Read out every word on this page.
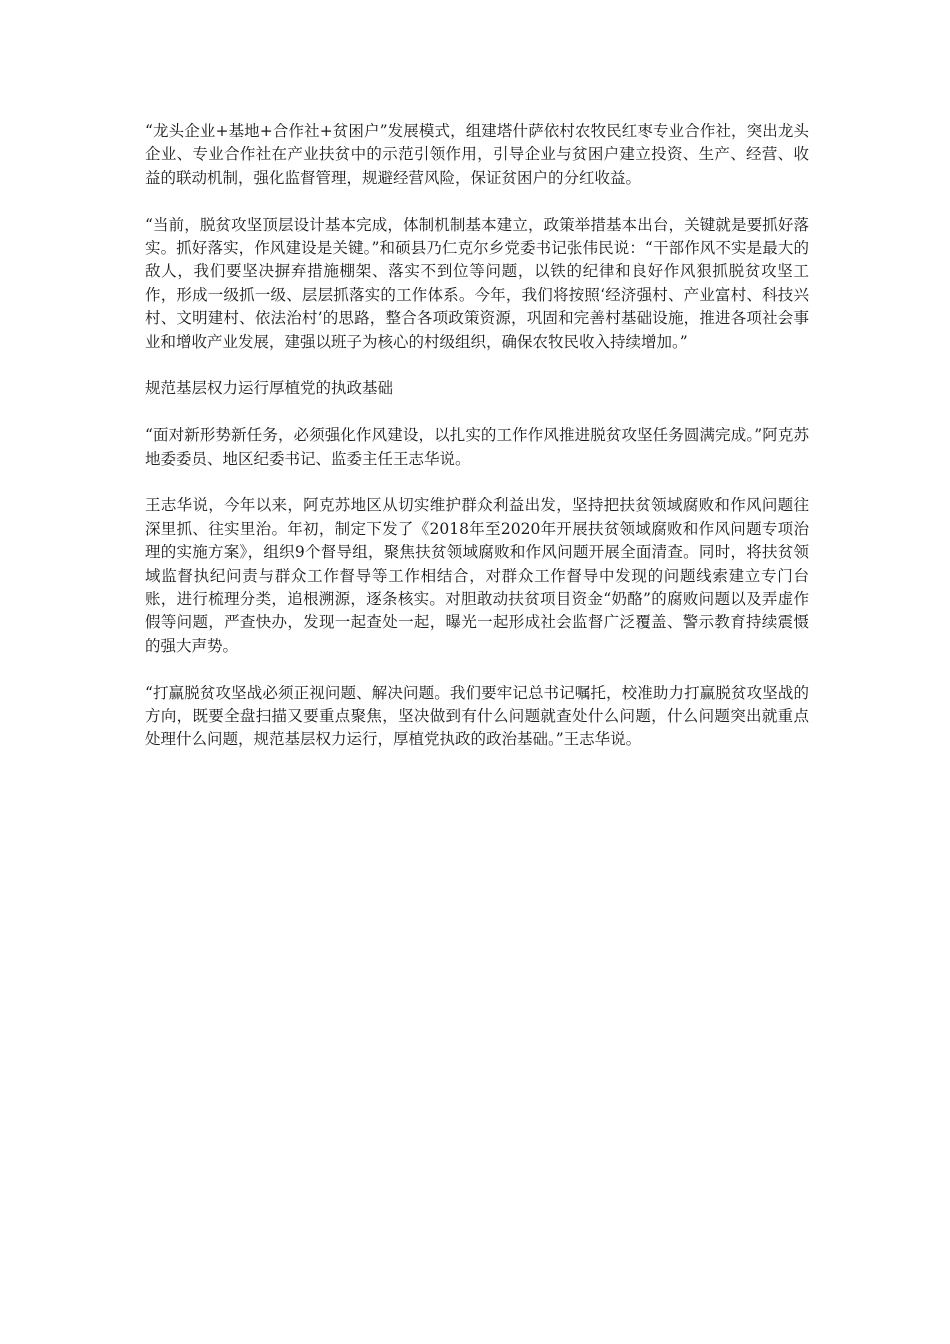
“龙头企业+基地+合作社+贫困户”发展模式，组建塔什萨依村农牧民红枣专业合作社，突出龙头企业、专业合作社在产业扶贫中的示范引领作用，引导企业与贫困户建立投资、生产、经营、收益的联动机制，强化监督管理，规避经营风险，保证贫困户的分红收益。

“当前，脱贫攻坚顶层设计基本完成，体制机制基本建立，政策举措基本出台，关键就是要抓好落实。抓好落实，作风建设是关键。”和硕县乃仁克尔乡党委书记张伟民说：“干部作风不实是最大的敌人，我们要坚决摒弃措施棚架、落实不到位等问题，以铁的纪律和良好作风狠抓脱贫攻坚工作，形成一级抓一级、层层抓落实的工作体系。今年，我们将按照‘经济强村、产业富村、科技兴村、文明建村、依法治村’的思路，整合各项政策资源，巩固和完善村基础设施，推进各项社会事业和增收产业发展，建强以班子为核心的村级组织，确保农牧民收入持续增加。”

规范基层权力运行厚植党的执政基础

“面对新形势新任务，必须强化作风建设，以扎实的工作作风推进脱贫攻坚任务圆满完成。”阿克苏地委委员、地区纪委书记、监委主任王志华说。

王志华说，今年以来，阿克苏地区从切实维护群众利益出发，坚持把扶贫领域腐败和作风问题往深里抓、往实里治。年初，制定下发了《2018年至2020年开展扶贫领域腐败和作风问题专项治理的实施方案》，组织9个督导组，聚焦扶贫领域腐败和作风问题开展全面清查。同时，将扶贫领域监督执纪问责与群众工作督导等工作相结合，对群众工作督导中发现的问题线索建立专门台账，进行梳理分类，追根溯源，逐条核实。对胆敢动扶贫项目资金“奶酪”的腐败问题以及弄虚作假等问题，严查快办，发现一起查处一起，曝光一起形成社会监督广泛覆盖、警示教育持续震慑的强大声势。

“打赢脱贫攻坚战必须正视问题、解决问题。我们要牢记总书记嘱托，校准助力打赢脱贫攻坚战的方向，既要全盘扫描又要重点聚焦，坚决做到有什么问题就查处什么问题，什么问题突出就重点处理什么问题，规范基层权力运行，厚植党执政的政治基础。”王志华说。
